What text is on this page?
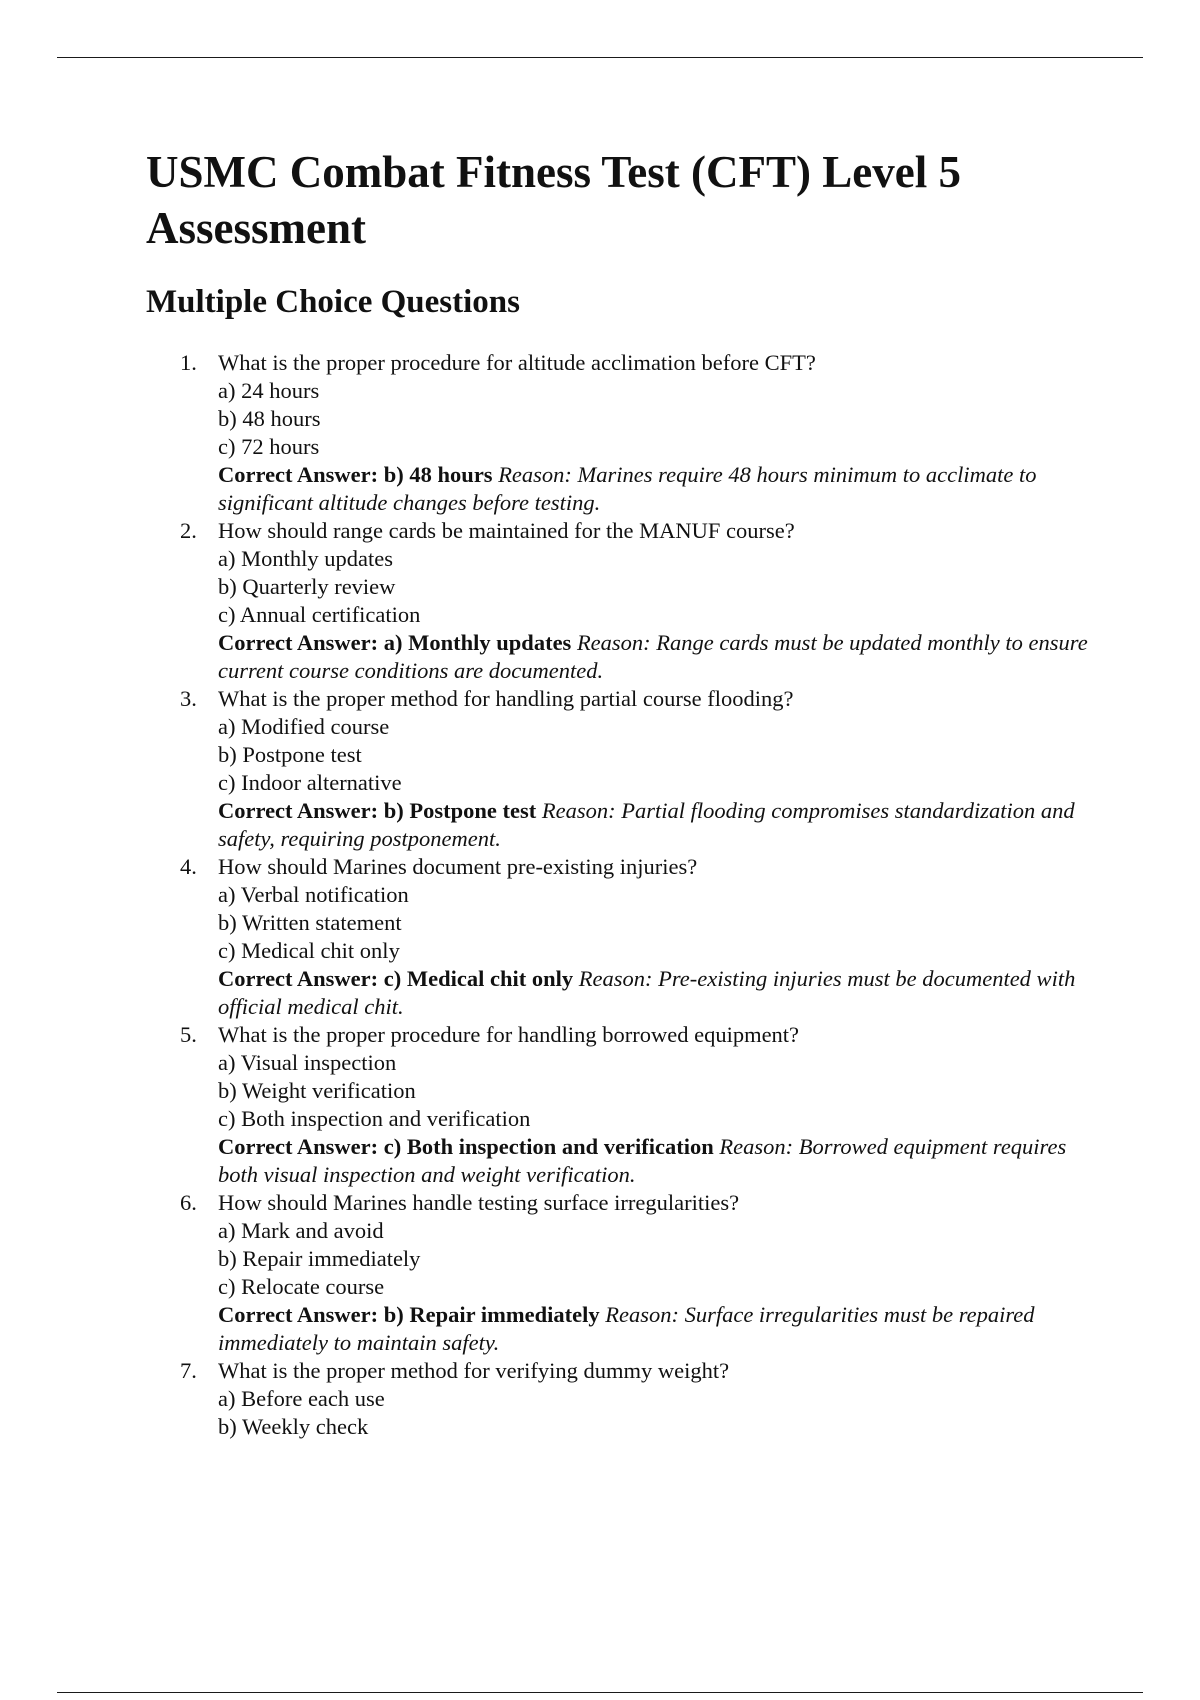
USMC Combat Fitness Test (CFT) Level 5 Assessment
Multiple Choice Questions
1. What is the proper procedure for altitude acclimation before CFT?
a) 24 hours
b) 48 hours
c) 72 hours
Correct Answer: b) 48 hours Reason: Marines require 48 hours minimum to acclimate to significant altitude changes before testing.
2. How should range cards be maintained for the MANUF course?
a) Monthly updates
b) Quarterly review
c) Annual certification
Correct Answer: a) Monthly updates Reason: Range cards must be updated monthly to ensure current course conditions are documented.
3. What is the proper method for handling partial course flooding?
a) Modified course
b) Postpone test
c) Indoor alternative
Correct Answer: b) Postpone test Reason: Partial flooding compromises standardization and safety, requiring postponement.
4. How should Marines document pre-existing injuries?
a) Verbal notification
b) Written statement
c) Medical chit only
Correct Answer: c) Medical chit only Reason: Pre-existing injuries must be documented with official medical chit.
5. What is the proper procedure for handling borrowed equipment?
a) Visual inspection
b) Weight verification
c) Both inspection and verification
Correct Answer: c) Both inspection and verification Reason: Borrowed equipment requires both visual inspection and weight verification.
6. How should Marines handle testing surface irregularities?
a) Mark and avoid
b) Repair immediately
c) Relocate course
Correct Answer: b) Repair immediately Reason: Surface irregularities must be repaired immediately to maintain safety.
7. What is the proper method for verifying dummy weight?
a) Before each use
b) Weekly check
